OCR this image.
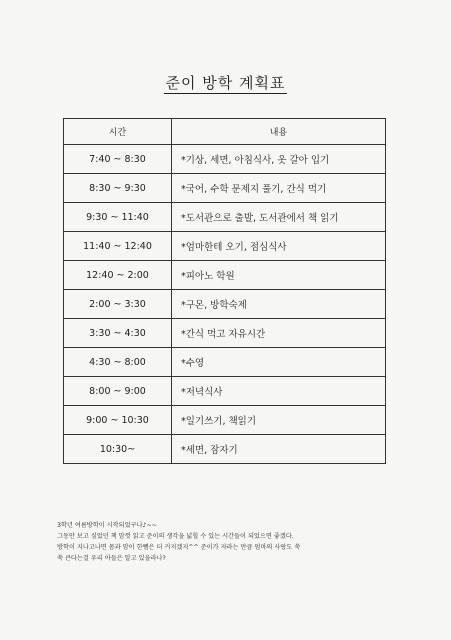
준이 방학 계획표
시간	내용
7:40 ~ 8:30	*기상, 세면, 아침식사, 옷 갈아 입기
8:30 ~ 9:30	*국어, 수학 문제지 풀기, 간식 먹기
9:30 ~ 11:40	*도서관으로 출발, 도서관에서 책 읽기
11:40 ~ 12:40	*엄마한테 오기, 점심식사
12:40 ~ 2:00	*피아노 학원
2:00 ~ 3:30	*구몬, 방학숙제
3:30 ~ 4:30	*간식 먹고 자유시간
4:30 ~ 8:00	*수영
8:00 ~ 9:00	*저녁식사
9:00 ~ 10:30	*일기쓰기, 책읽기
10:30~	*세면, 잠자기
3학년 여름방학이 시작되었구나♪~~
그동안 보고 싶었던 책 맘껏 읽고 준이의 생각을 넓힐 수 있는 시간들이 되었으면 좋겠다.
방학이 지나고나면 몸과 맘이 한뼘은 더 커지겠지^^ 준이가 자라는 만큼 엄마의 사랑도 쑥
쑥 큰다는걸 우리 아들은 알고 있을라나?
